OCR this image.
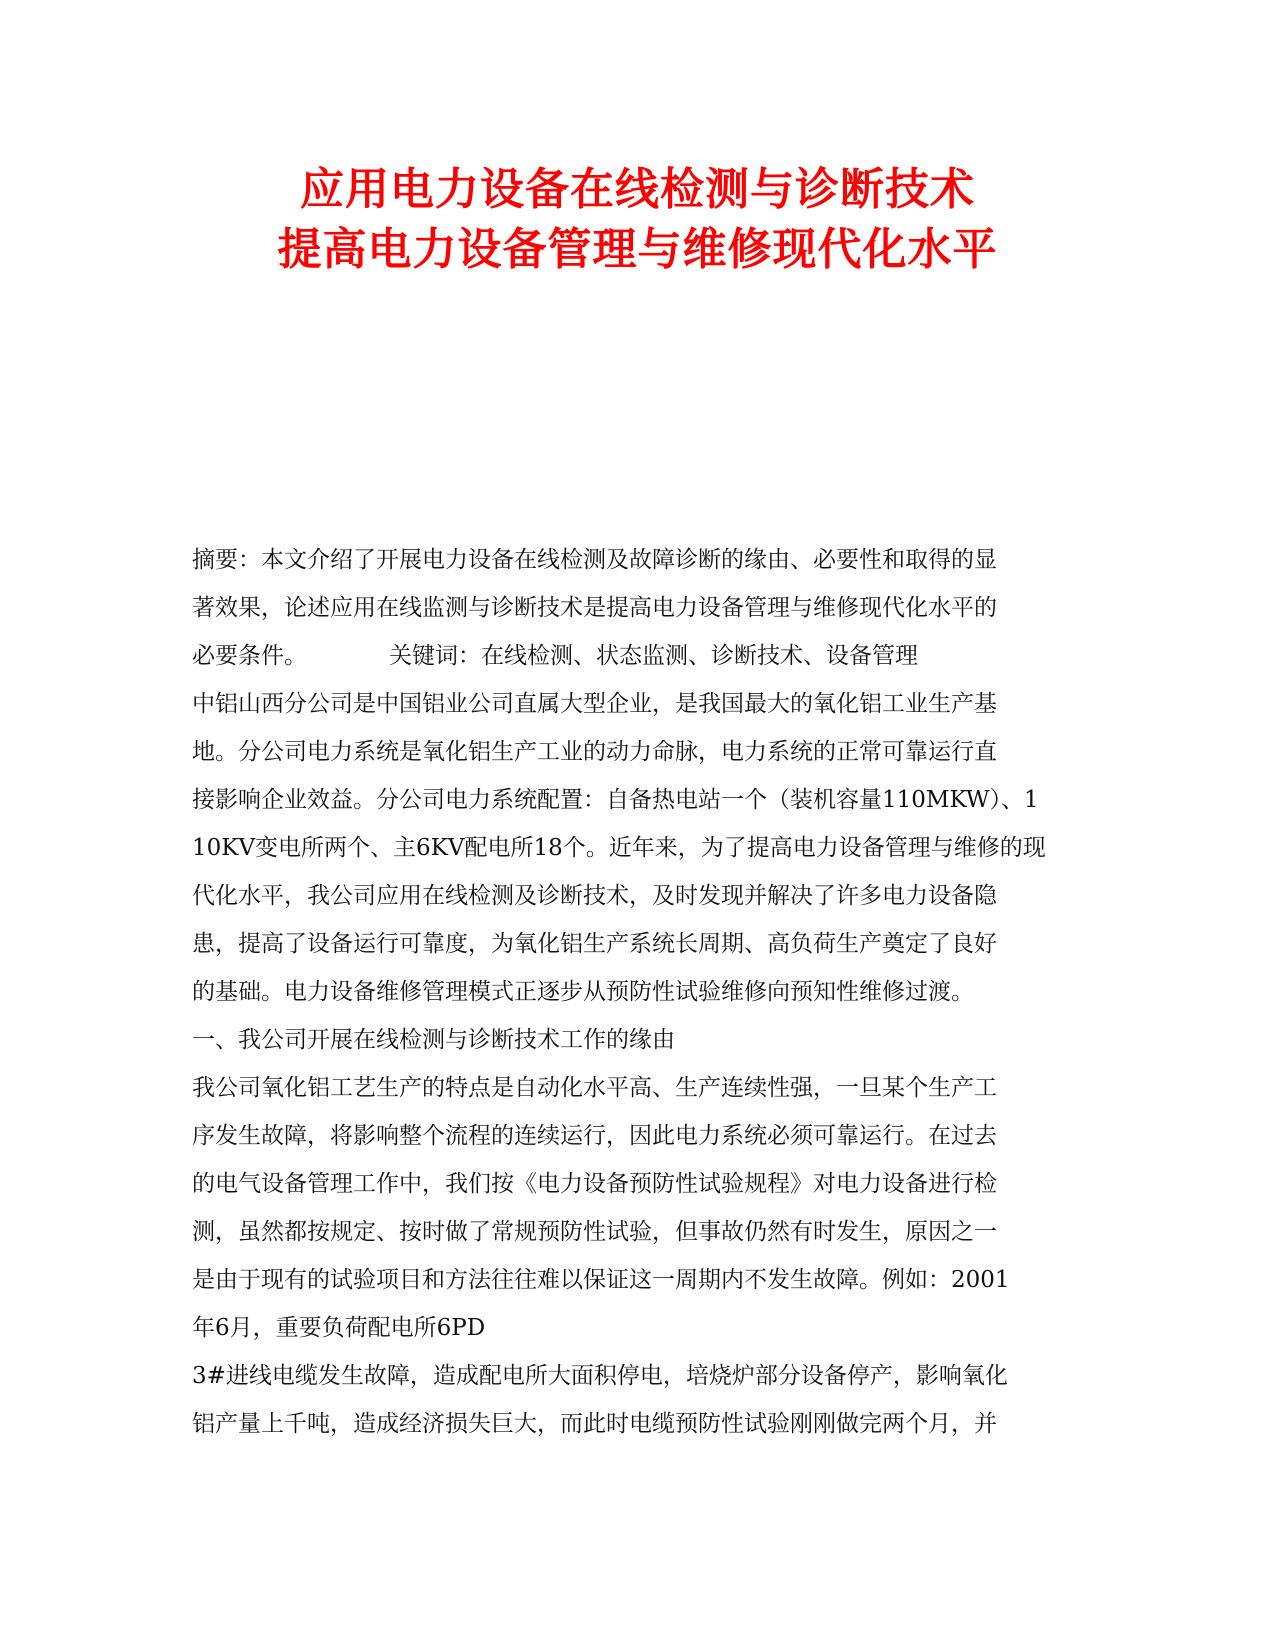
应用电力设备在线检测与诊断技术
提高电力设备管理与维修现代化水平
摘要：本文介绍了开展电力设备在线检测及故障诊断的缘由、必要性和取得的显
著效果，论述应用在线监测与诊断技术是提高电力设备管理与维修现代化水平的
必要条件。	关键词：在线检测、状态监测、诊断技术、设备管理
中铝山西分公司是中国铝业公司直属大型企业，是我国最大的氧化铝工业生产基
地。分公司电力系统是氧化铝生产工业的动力命脉，电力系统的正常可靠运行直
接影响企业效益。分公司电力系统配置：自备热电站一个（装机容量110MKW）、1
10KV变电所两个、主6KV配电所18个。近年来，为了提高电力设备管理与维修的现
代化水平，我公司应用在线检测及诊断技术，及时发现并解决了许多电力设备隐
患，提高了设备运行可靠度，为氧化铝生产系统长周期、高负荷生产奠定了良好
的基础。电力设备维修管理模式正逐步从预防性试验维修向预知性维修过渡。
一、我公司开展在线检测与诊断技术工作的缘由
我公司氧化铝工艺生产的特点是自动化水平高、生产连续性强，一旦某个生产工
序发生故障，将影响整个流程的连续运行，因此电力系统必须可靠运行。在过去
的电气设备管理工作中，我们按《电力设备预防性试验规程》对电力设备进行检
测，虽然都按规定、按时做了常规预防性试验，但事故仍然有时发生，原因之一
是由于现有的试验项目和方法往往难以保证这一周期内不发生故障。例如：2001
年6月，重要负荷配电所6PD
3#进线电缆发生故障，造成配电所大面积停电，培烧炉部分设备停产，影响氧化
铝产量上千吨，造成经济损失巨大，而此时电缆预防性试验刚刚做完两个月，并
